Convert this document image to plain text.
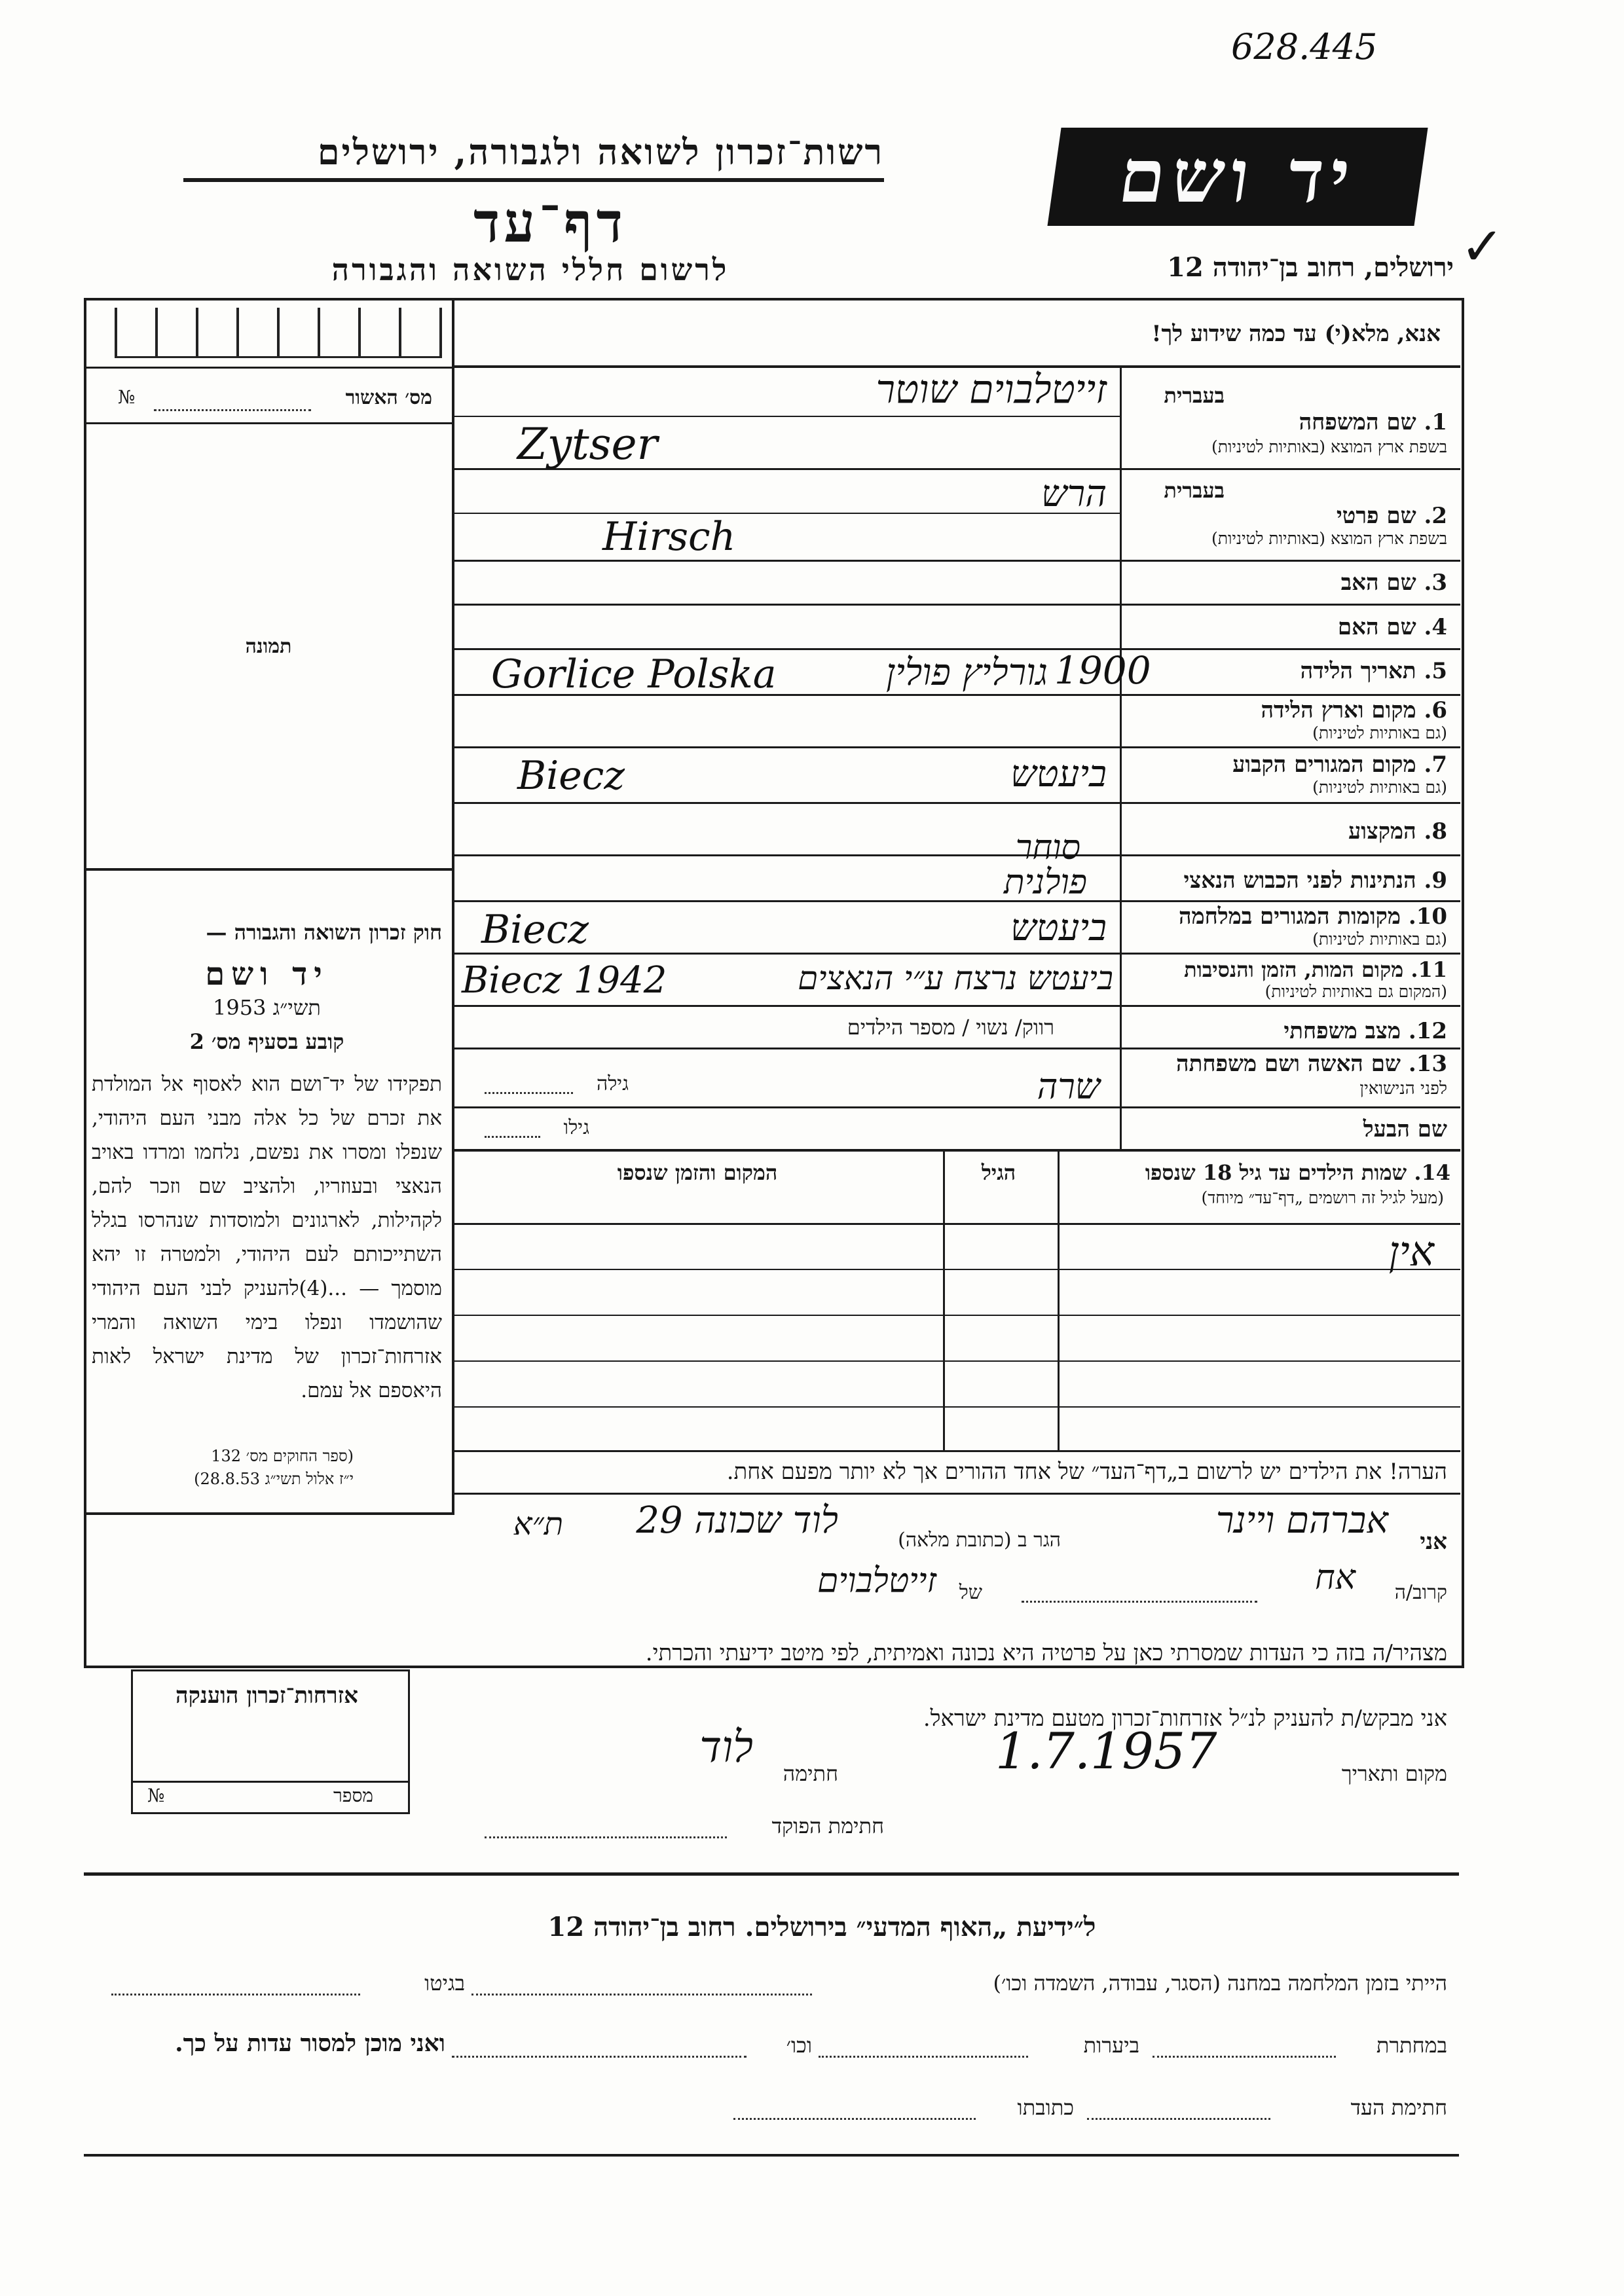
628.445
✓
רשות־זכרון לשואה ולגבורה, ירושלים
דף־עד
לרשום חללי השואה והגבורה
יד ושם
ירושלים, רחוב בן־יהודה 12
מס׳ האשור
№
תמונה
חוק זכרון השואה והגבורה —
יד ושם
1953 תשי״ג
קובע בסעיף מס׳ 2
תפקידו של יד־ושם הוא לאסוף אל המולדת את זכרם של כל אלה מבני העם היהודי, שנפלו ומסרו את נפשם, נלחמו ומרדו באויב הנאצי ובעוזריו, ולהציב שם וזכר להם, לקהילות, לארגונים ולמוסדות שנהרסו בגלל השתייכותם לעם היהודי, ולמטרה זו יהא מוסמך — ...(4)להעניק לבני העם היהודי שהושמדו ונפלו בימי השואה והמרי אזרחות־זכרון של מדינת ישראל לאות היאספם אל עמם.
(ספר החוקים מס׳ 132
י״ז אלול תשי״ג 28.8.53)
אנא, מלא(י) עד כמה שידוע לך!
בעברית
1. שם המשפחה
בשפת ארץ המוצא (באותיות לטיניות)
זייטלבוים שוטר
Zytser
בעברית
2. שם פרטי
בשפת ארץ המוצא (באותיות לטיניות)
הרש
Hirsch
3. שם האב
4. שם האם
5. תאריך הלידה
1900
6. מקום וארץ הלידה
(גם באותיות לטיניות)
Gorlice Polska	גורליץ פולין
7. מקום המגורים הקבוע
(גם באותיות לטיניות)
Biecz	ביעטש
8. המקצוע
סוחר
9. הנתינות לפני הכבוש הנאצי
פולנית
10. מקומות המגורים במלחמה
(גם באותיות לטיניות)
Biecz	ביעטש
11. מקום המות, הזמן והנסיבות
(המקום גם באותיות לטיניות)
Biecz 1942	ביעטש נרצח ע״י הנאצים
12. מצב משפחתי
רווק/ נשוי / מספר הילדים
13. שם האשה ושם משפחתה
לפני הנישואין
גילה	שרה
שם הבעל
גילו
14. שמות הילדים עד גיל 18 שנספו
(מעל לגיל זה רושמים „דף־עד״ מיוחד)
הגיל
המקום והזמן שנספו
אין
הערה! את הילדים יש לרשום ב„דף־העד״ של אחד ההורים אך לא יותר מפעם אחת.
אני
אברהם ויינר
הגר ב (כתובת מלאה)
לוד שכונה 29
ת״א
קרוב/ה
אח
של
זייטלבוים
מצהיר/ה בזה כי העדות שמסרתי כאן על פרטיה היא נכונה ואמיתית, לפי מיטב ידיעתי והכרתי.
אני מבקש/ת להעניק לנ״ל אזרחות־זכרון מטעם מדינת ישראל.
מקום ותאריך
1.7.1957
חתימה
לוד
חתימת הפוקד
אזרחות־זכרון הוענקה
מספר
№
ל״ידיעת „האוף המדעי״ בירושלים. רחוב בן־יהודה 12
הייתי בזמן המלחמה במחנה (הסגר, עבודה, השמדה וכו׳)
בגיטו
במחתרת
ביערות
וכו׳
ואני מוכן למסור עדות על כך.
חתימת העד
כתובתו
